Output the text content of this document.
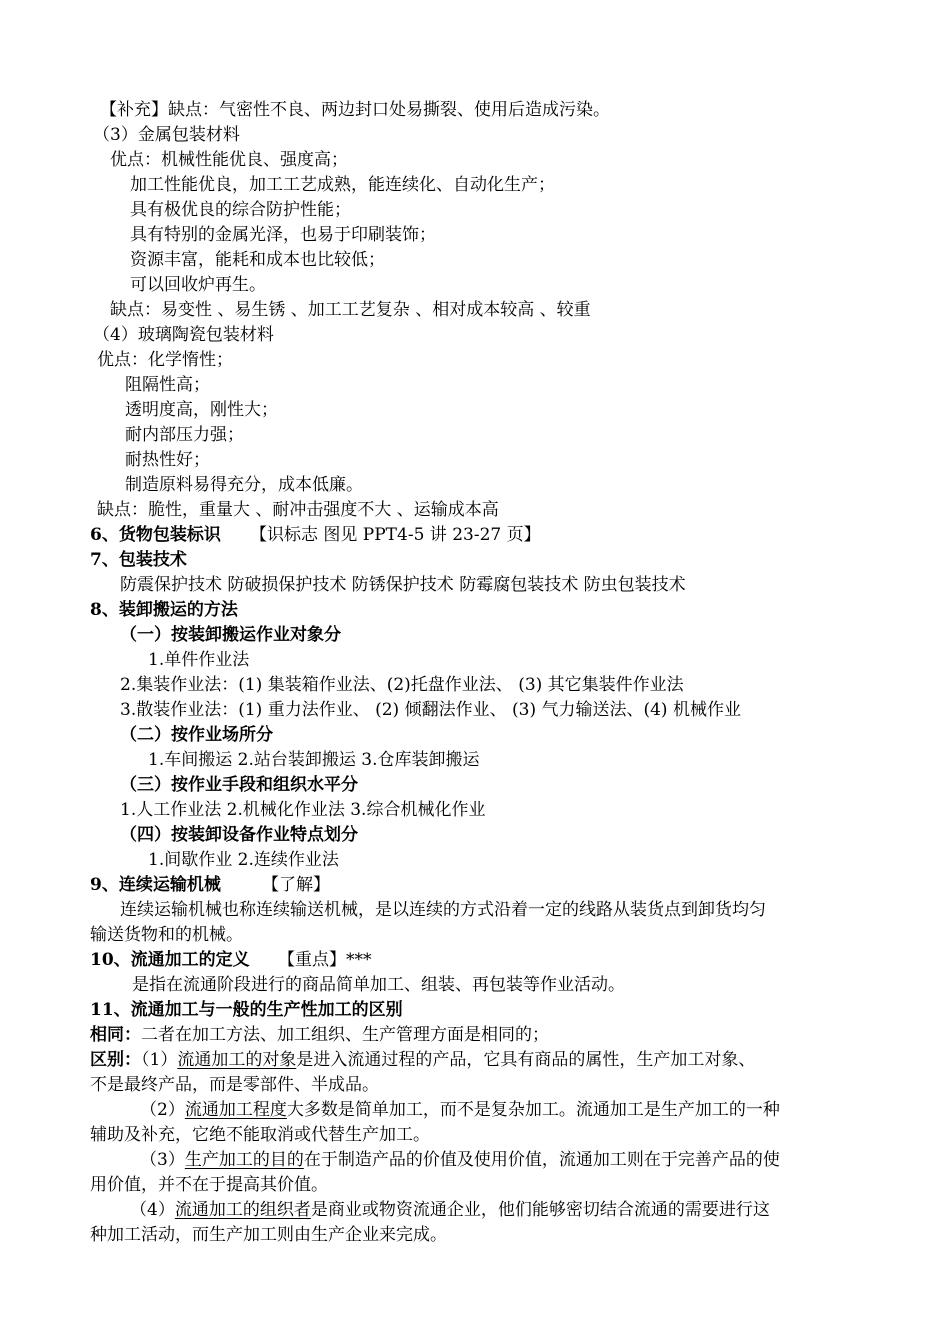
【补充】缺点：气密性不良、两边封口处易撕裂、使用后造成污染。
（3）金属包装材料
优点：机械性能优良、强度高；
加工性能优良，加工工艺成熟，能连续化、自动化生产；
具有极优良的综合防护性能；
具有特别的金属光泽，也易于印刷装饰；
资源丰富，能耗和成本也比较低；
可以回收炉再生。
缺点：易变性 、易生锈 、加工工艺复杂 、相对成本较高 、较重
（4）玻璃陶瓷包装材料
优点：化学惰性；
阻隔性高；
透明度高，刚性大；
耐内部压力强；
耐热性好；
制造原料易得充分，成本低廉。
缺点：脆性，重量大 、耐冲击强度不大 、运输成本高
6、货物包装标识 【识标志 图见 PPT4-5 讲 23-27 页】
7、包装技术
防震保护技术 防破损保护技术 防锈保护技术 防霉腐包装技术 防虫包装技术
8、装卸搬运的方法
（一）按装卸搬运作业对象分
1.单件作业法
2.集装作业法：(1) 集装箱作业法、(2)托盘作业法、 (3) 其它集装件作业法
3.散装作业法：(1) 重力法作业、 (2) 倾翻法作业、 (3) 气力输送法、(4) 机械作业
（二）按作业场所分
1.车间搬运 2.站台装卸搬运 3.仓库装卸搬运
（三）按作业手段和组织水平分
1.人工作业法 2.机械化作业法 3.综合机械化作业
（四）按装卸设备作业特点划分
1.间歇作业 2.连续作业法
9、连续运输机械 【了解】
连续运输机械也称连续输送机械，是以连续的方式沿着一定的线路从装货点到卸货均匀
输送货物和的机械。
10、流通加工的定义 【重点】***
是指在流通阶段进行的商品简单加工、组装、再包装等作业活动。
11、流通加工与一般的生产性加工的区别
相同：二者在加工方法、加工组织、生产管理方面是相同的；
区别：（1）流通加工的对象是进入流通过程的产品，它具有商品的属性，生产加工对象、
不是最终产品，而是零部件、半成品。
（2）流通加工程度大多数是简单加工，而不是复杂加工。流通加工是生产加工的一种
辅助及补充，它绝不能取消或代替生产加工。
（3）生产加工的目的在于制造产品的价值及使用价值，流通加工则在于完善产品的使
用价值，并不在于提高其价值。
（4）流通加工的组织者是商业或物资流通企业，他们能够密切结合流通的需要进行这
种加工活动，而生产加工则由生产企业来完成。
